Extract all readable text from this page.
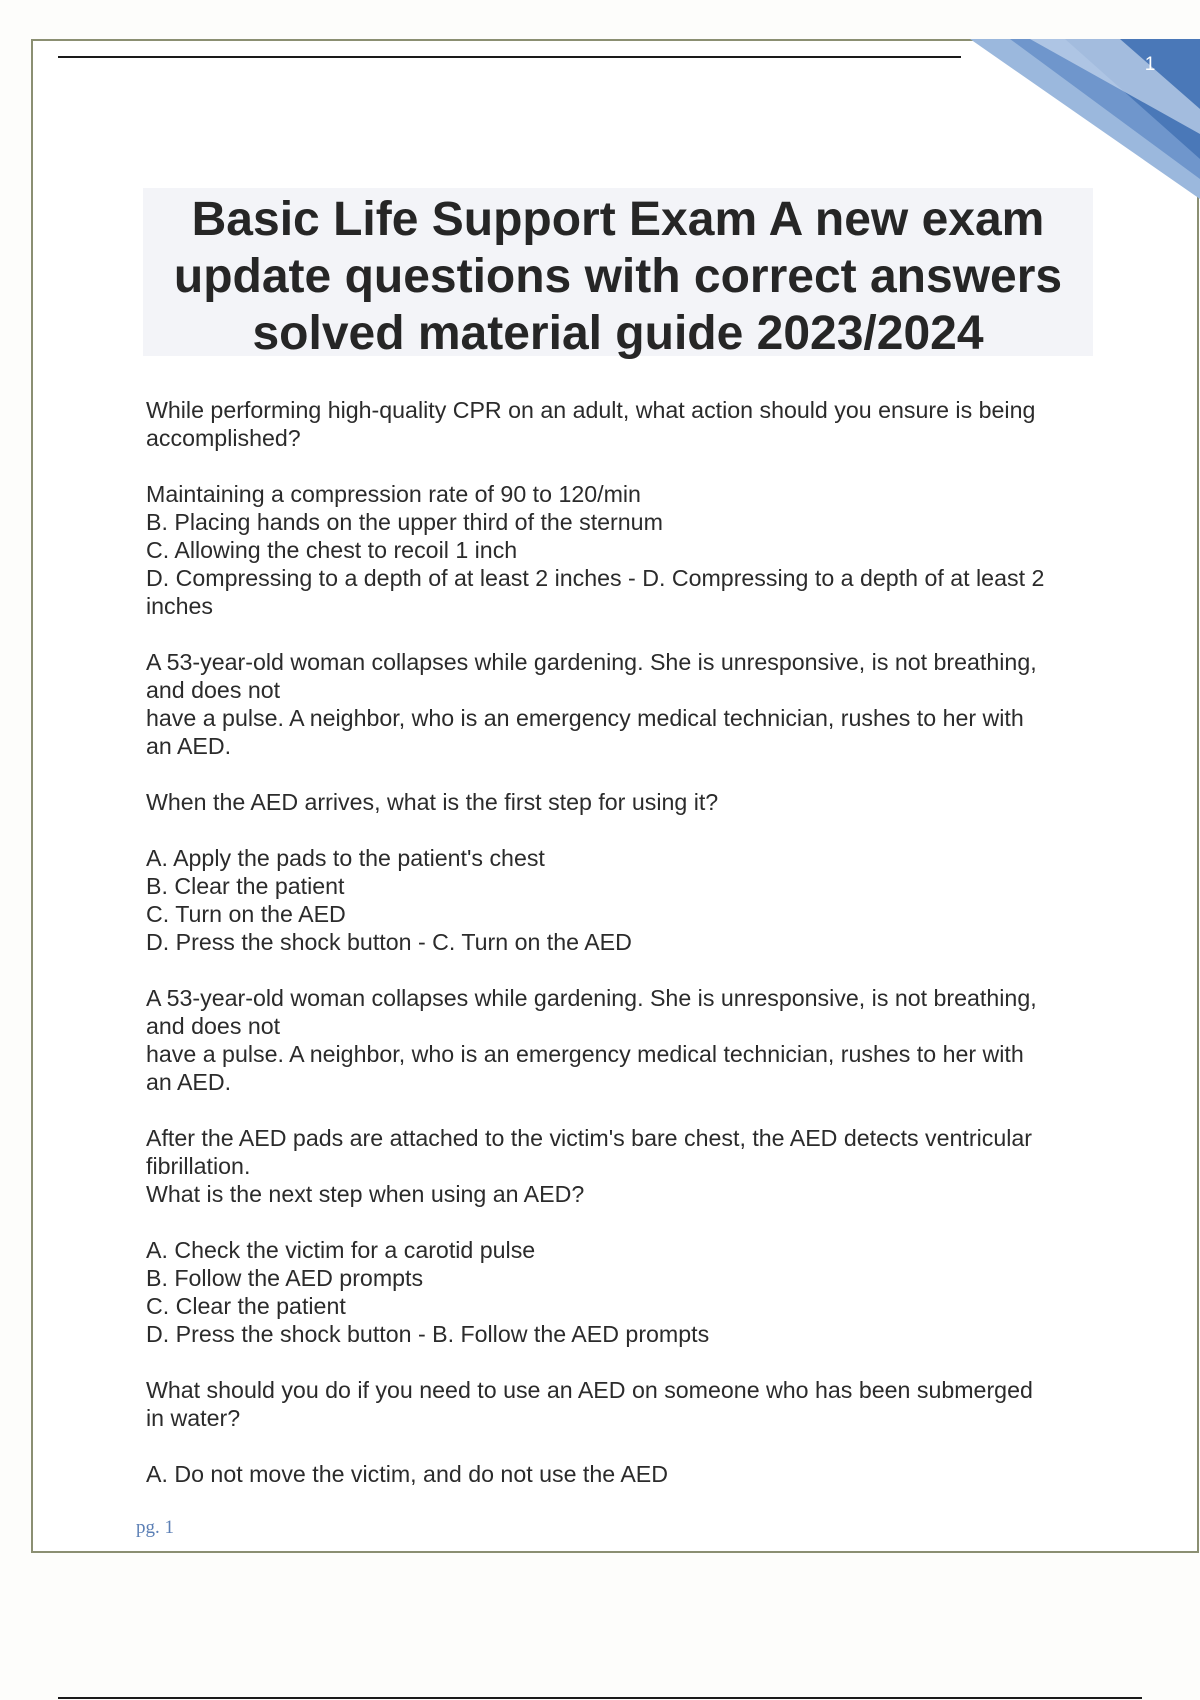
1
Basic Life Support Exam A new exam
update questions with correct answers
solved material guide 2023/2024

While performing high-quality CPR on an adult, what action should you ensure is being

accomplished?

Maintaining a compression rate of 90 to 120/min

B. Placing hands on the upper third of the sternum

C. Allowing the chest to recoil 1 inch

D. Compressing to a depth of at least 2 inches - D. Compressing to a depth of at least 2

inches

A 53-year-old woman collapses while gardening. She is unresponsive, is not breathing,

and does not

have a pulse. A neighbor, who is an emergency medical technician, rushes to her with

an AED.

When the AED arrives, what is the first step for using it?

A. Apply the pads to the patient's chest

B. Clear the patient

C. Turn on the AED

D. Press the shock button - C. Turn on the AED

A 53-year-old woman collapses while gardening. She is unresponsive, is not breathing,

and does not

have a pulse. A neighbor, who is an emergency medical technician, rushes to her with

an AED.

After the AED pads are attached to the victim's bare chest, the AED detects ventricular

fibrillation.

What is the next step when using an AED?

A. Check the victim for a carotid pulse

B. Follow the AED prompts

C. Clear the patient

D. Press the shock button - B. Follow the AED prompts

What should you do if you need to use an AED on someone who has been submerged

in water?

A. Do not move the victim, and do not use the AED

pg. 1
